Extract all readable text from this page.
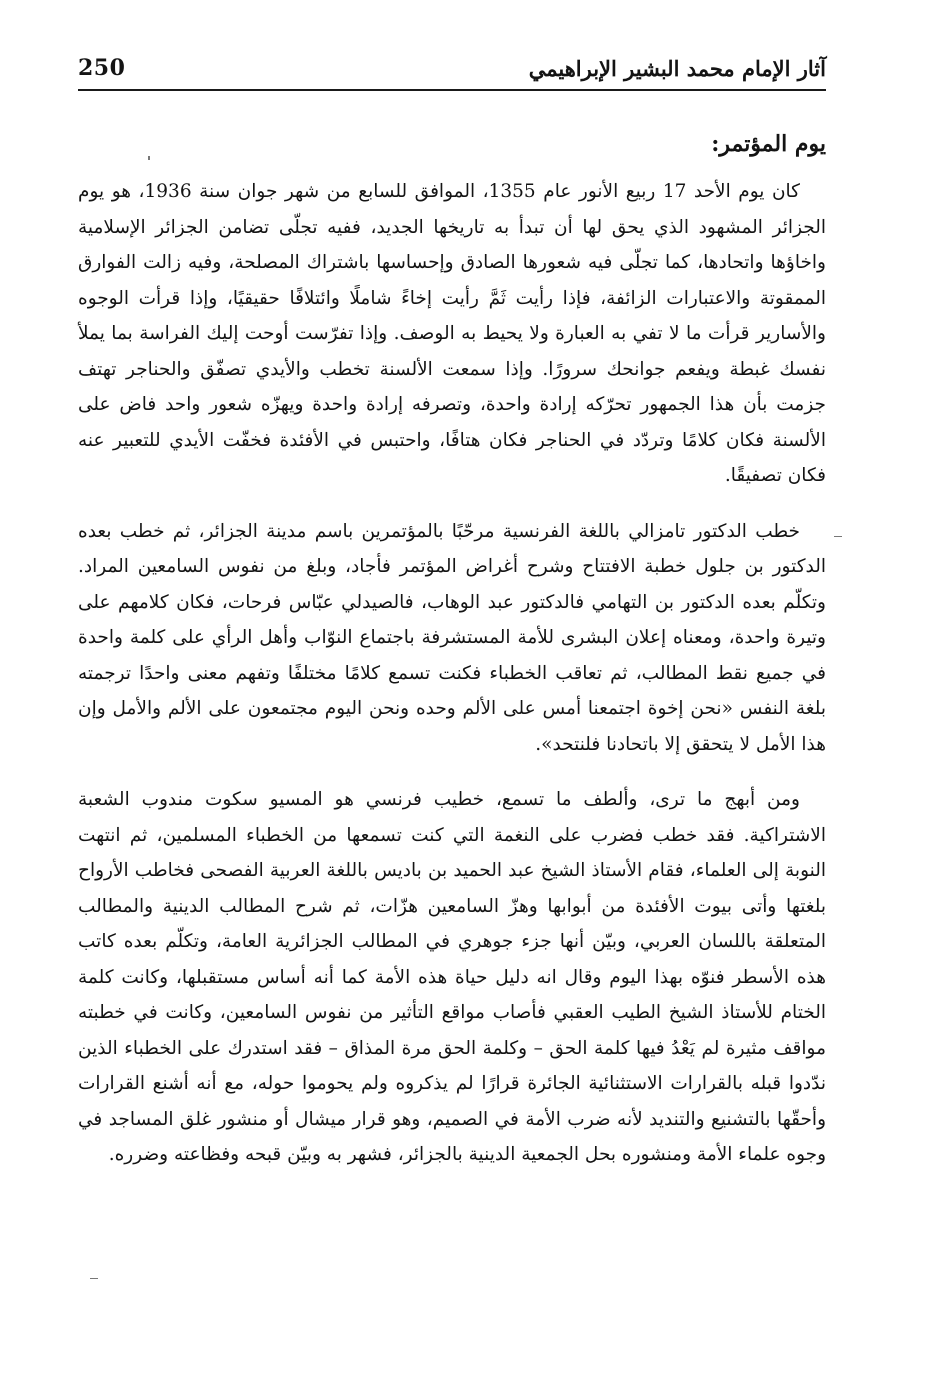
250	آثار الإمام محمد البشير الإبراهيمي
يوم المؤتمر:

كان يوم الأحد 17 ربيع الأنور عام 1355، الموافق للسابع من شهر جوان سنة 1936، هو يوم الجزائر المشهود الذي يحق لها أن تبدأ به تاريخها الجديد، ففيه تجلّى تضامن الجزائر الإسلامية واخاؤها واتحادها، كما تجلّى فيه شعورها الصادق وإحساسها باشتراك المصلحة، وفيه زالت الفوارق الممقوتة والاعتبارات الزائفة، فإذا رأيت ثَمَّ رأيت إخاءً شاملًا وائتلافًا حقيقيًا، وإذا قرأت الوجوه والأسارير قرأت ما لا تفي به العبارة ولا يحيط به الوصف. وإذا تفرّست أوحت إليك الفراسة بما يملأ نفسك غبطة ويفعم جوانحك سرورًا. وإذا سمعت الألسنة تخطب والأيدي تصفّق والحناجر تهتف جزمت بأن هذا الجمهور تحرّكه إرادة واحدة، وتصرفه إرادة واحدة ويهزّه شعور واحد فاض على الألسنة فكان كلامًا وتردّد في الحناجر فكان هتافًا، واحتبس في الأفئدة فخفّت الأيدي للتعبير عنه فكان تصفيقًا.

خطب الدكتور تامزالي باللغة الفرنسية مرحّبًا بالمؤتمرين باسم مدينة الجزائر، ثم خطب بعده الدكتور بن جلول خطبة الافتتاح وشرح أغراض المؤتمر فأجاد، وبلغ من نفوس السامعين المراد. وتكلّم بعده الدكتور بن التهامي فالدكتور عبد الوهاب، فالصيدلي عبّاس فرحات، فكان كلامهم على وتيرة واحدة، ومعناه إعلان البشرى للأمة المستشرفة باجتماع النوّاب وأهل الرأي على كلمة واحدة في جميع نقط المطالب، ثم تعاقب الخطباء فكنت تسمع كلامًا مختلفًا وتفهم معنى واحدًا ترجمته بلغة النفس «نحن إخوة اجتمعنا أمس على الألم وحده ونحن اليوم مجتمعون على الألم والأمل وإن هذا الأمل لا يتحقق إلا باتحادنا فلنتحد».

ومن أبهج ما ترى، وألطف ما تسمع، خطيب فرنسي هو المسيو سكوت مندوب الشعبة الاشتراكية. فقد خطب فضرب على النغمة التي كنت تسمعها من الخطباء المسلمين، ثم انتهت النوبة إلى العلماء، فقام الأستاذ الشيخ عبد الحميد بن باديس باللغة العربية الفصحى فخاطب الأرواح بلغتها وأتى بيوت الأفئدة من أبوابها وهزّ السامعين هزّات، ثم شرح المطالب الدينية والمطالب المتعلقة باللسان العربي، وبيّن أنها جزء جوهري في المطالب الجزائرية العامة، وتكلّم بعده كاتب هذه الأسطر فنوّه بهذا اليوم وقال انه دليل حياة هذه الأمة كما أنه أساس مستقبلها، وكانت كلمة الختام للأستاذ الشيخ الطيب العقبي فأصاب مواقع التأثير من نفوس السامعين، وكانت في خطبته مواقف مثيرة لم يَعْدُ فيها كلمة الحق – وكلمة الحق مرة المذاق – فقد استدرك على الخطباء الذين ندّدوا قبله بالقرارات الاستثنائية الجائرة قرارًا لم يذكروه ولم يحوموا حوله، مع أنه أشنع القرارات وأحقّها بالتشنيع والتنديد لأنه ضرب الأمة في الصميم، وهو قرار ميشال أو منشور غلق المساجد في وجوه علماء الأمة ومنشوره بحل الجمعية الدينية بالجزائر، فشهر به وبيّن قبحه وفظاعته وضرره.
